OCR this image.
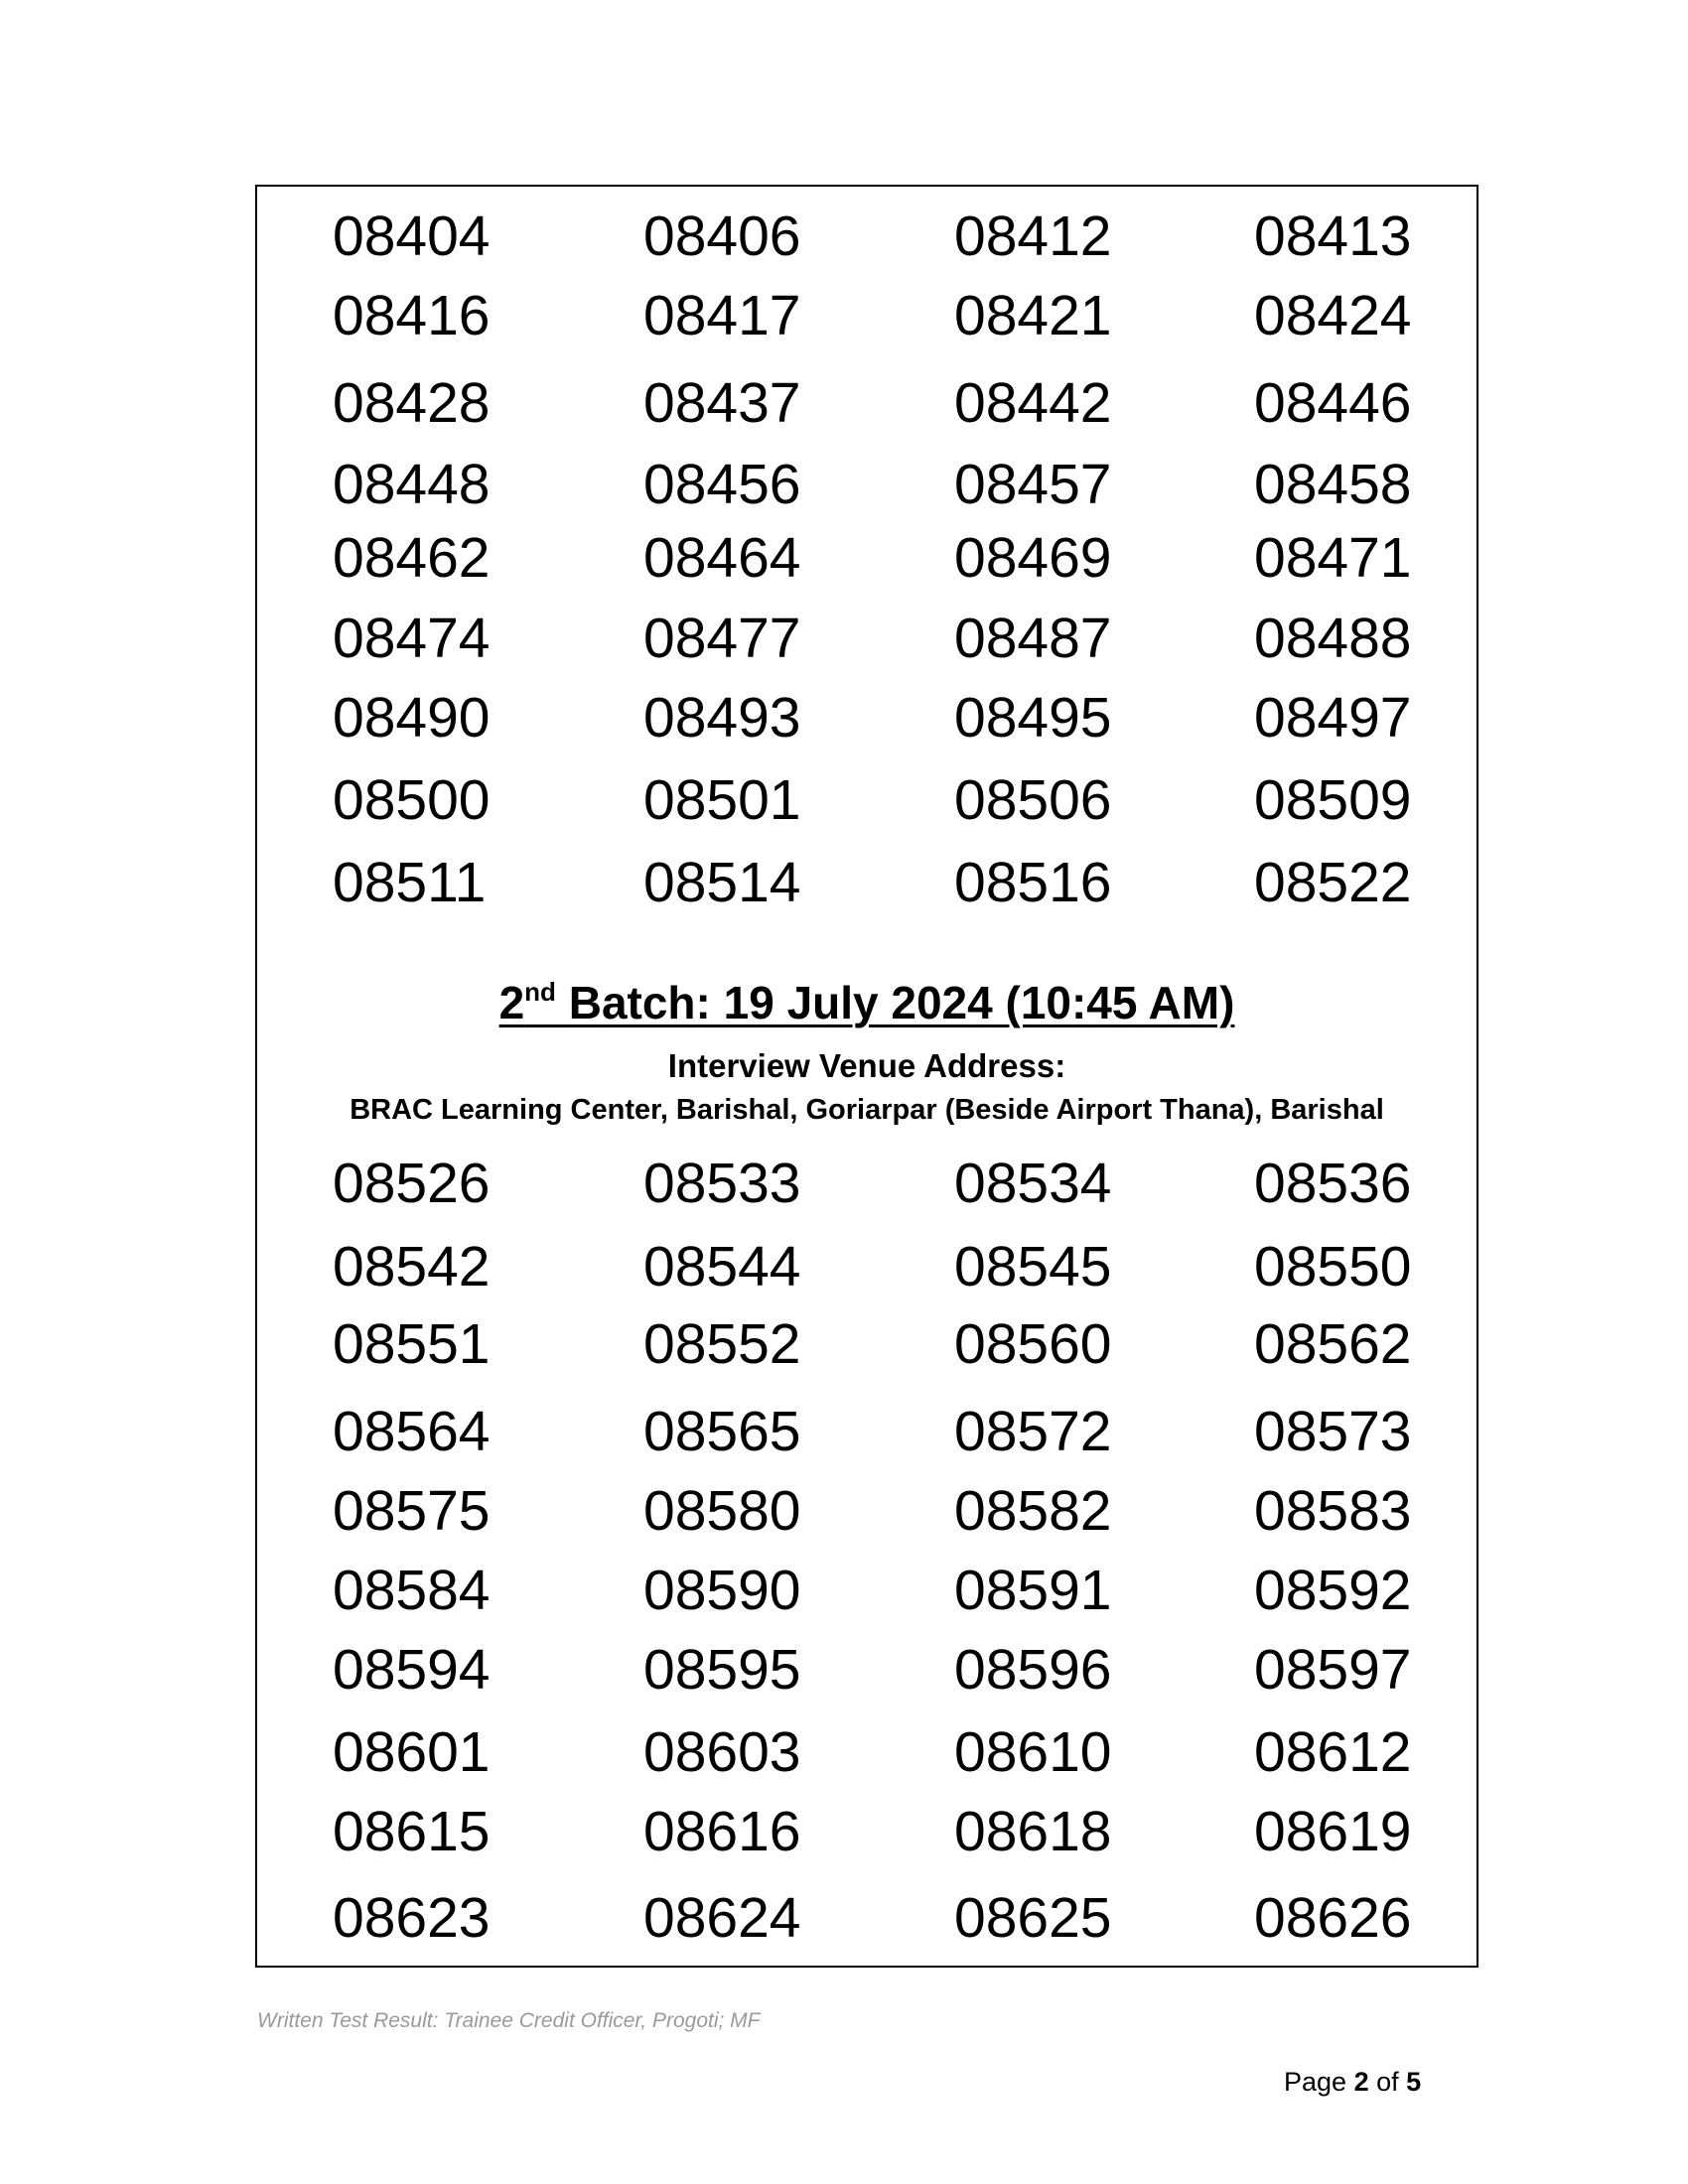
08404	08406	08412	08413
08416	08417	08421	08424
08428	08437	08442	08446
08448	08456	08457	08458
08462	08464	08469	08471
08474	08477	08487	08488
08490	08493	08495	08497
08500	08501	08506	08509
08511	08514	08516	08522
2nd Batch: 19 July 2024 (10:45 AM)
Interview Venue Address:
BRAC Learning Center, Barishal, Goriarpar (Beside Airport Thana), Barishal
08526	08533	08534	08536
08542	08544	08545	08550
08551	08552	08560	08562
08564	08565	08572	08573
08575	08580	08582	08583
08584	08590	08591	08592
08594	08595	08596	08597
08601	08603	08610	08612
08615	08616	08618	08619
08623	08624	08625	08626
Written Test Result: Trainee Credit Officer, Progoti; MF
Page 2 of 5
